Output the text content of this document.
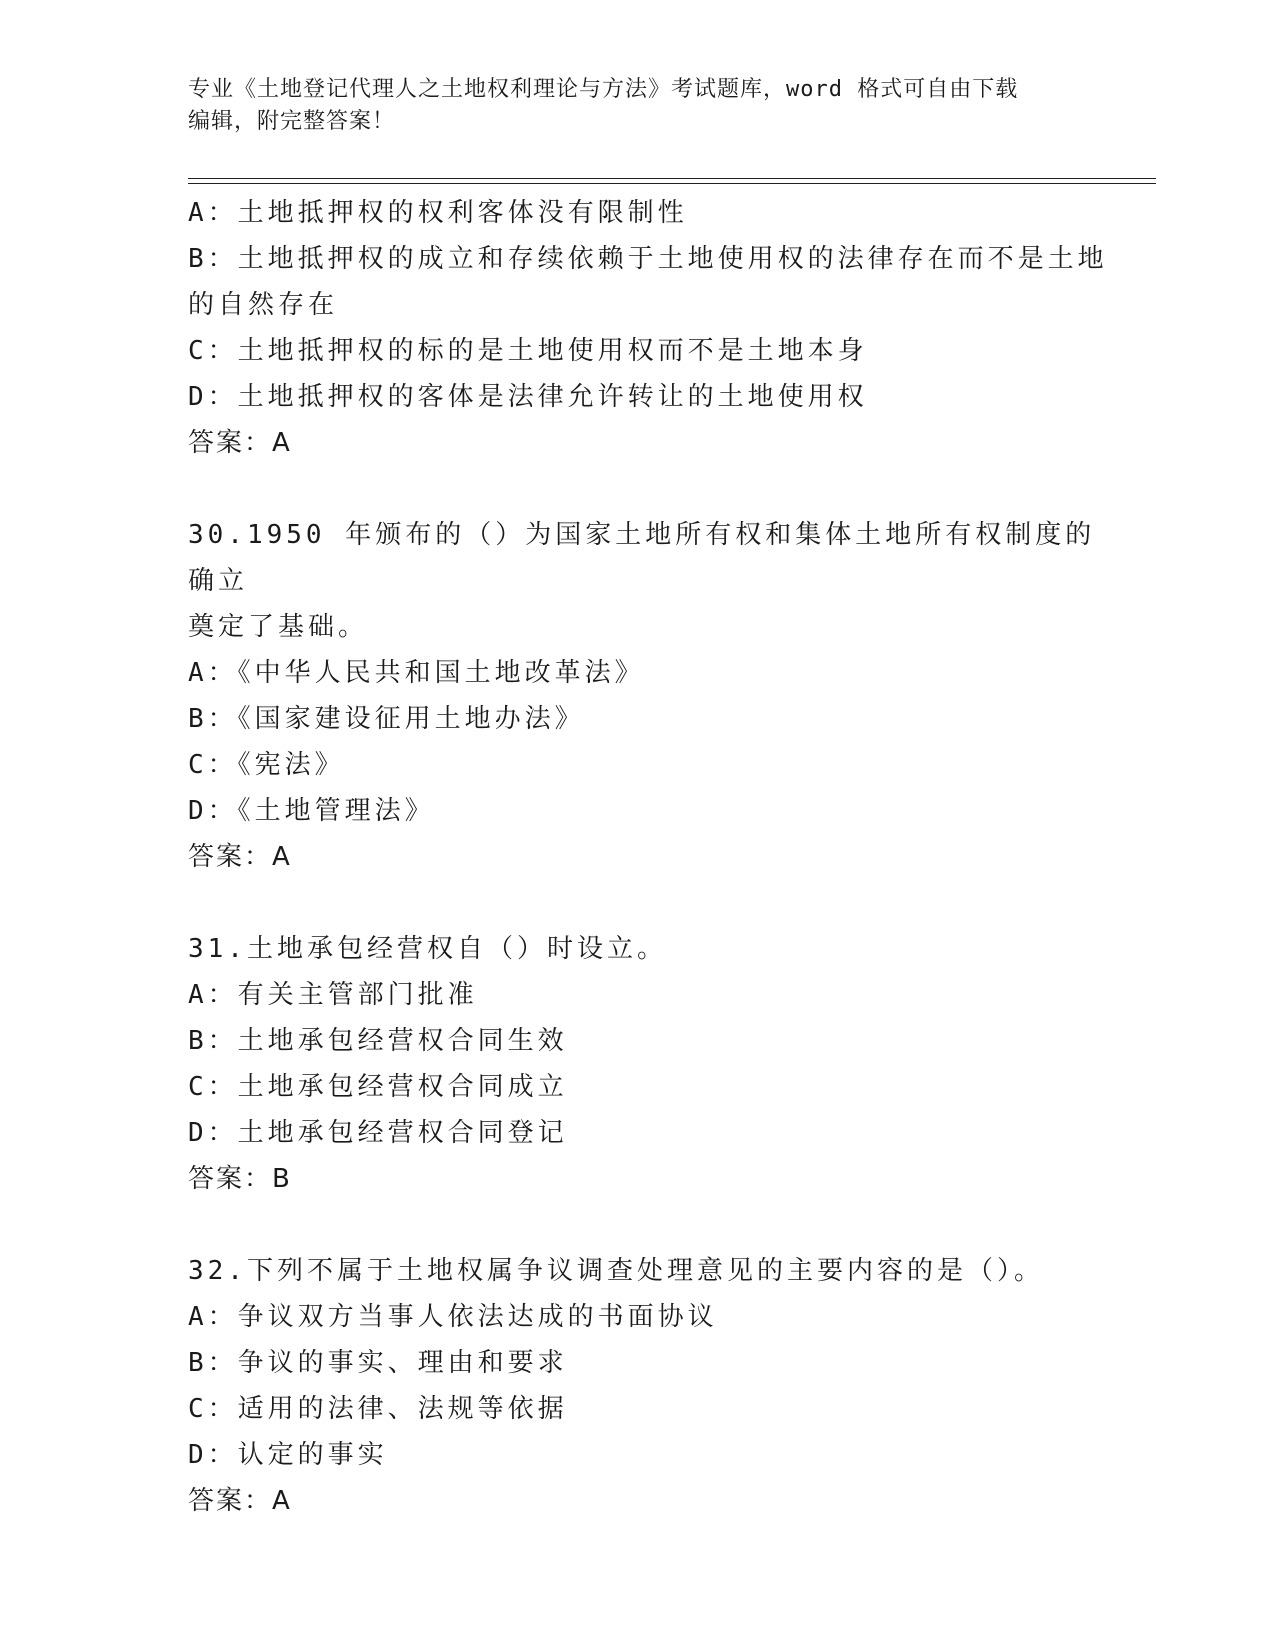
专业《土地登记代理人之土地权利理论与方法》考试题库，word 格式可自由下载
编辑，附完整答案！
A：土地抵押权的权利客体没有限制性
B：土地抵押权的成立和存续依赖于土地使用权的法律存在而不是土地
的自然存在
C：土地抵押权的标的是土地使用权而不是土地本身
D：土地抵押权的客体是法律允许转让的土地使用权
答案：A
30.1950 年颁布的（）为国家土地所有权和集体土地所有权制度的确立
奠定了基础。
A：《中华人民共和国土地改革法》
B：《国家建设征用土地办法》
C：《宪法》
D：《土地管理法》
答案：A
31.土地承包经营权自（）时设立。
A：有关主管部门批准
B：土地承包经营权合同生效
C：土地承包经营权合同成立
D：土地承包经营权合同登记
答案：B
32.下列不属于土地权属争议调查处理意见的主要内容的是（）。
A：争议双方当事人依法达成的书面协议
B：争议的事实、理由和要求
C：适用的法律、法规等依据
D：认定的事实
答案：A
